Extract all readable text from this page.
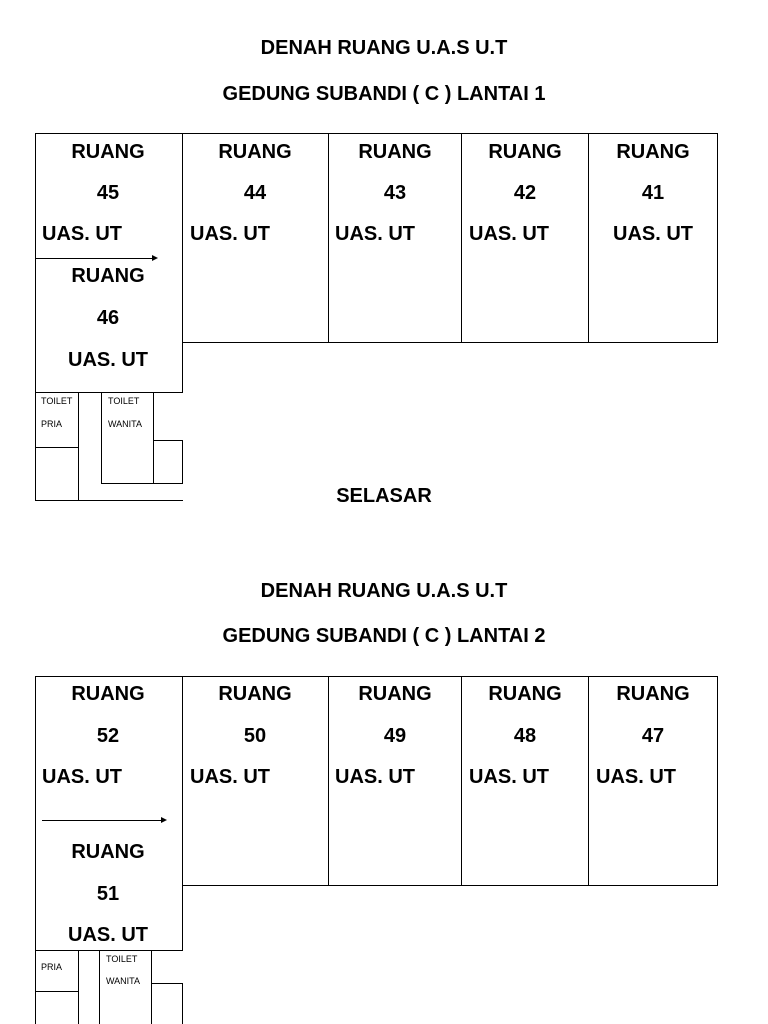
DENAH RUANG U.A.S U.T
GEDUNG SUBANDI ( C ) LANTAI 1
RUANG
45
UAS. UT
RUANG
46
UAS. UT
RUANG
44
UAS. UT
RUANG
43
UAS. UT
RUANG
42
UAS. UT
RUANG
41
UAS. UT
TOILET
PRIA
TOILET
WANITA
SELASAR
DENAH RUANG U.A.S U.T
GEDUNG SUBANDI ( C ) LANTAI 2
RUANG
52
UAS. UT
RUANG
51
UAS. UT
RUANG
50
UAS. UT
RUANG
49
UAS. UT
RUANG
48
UAS. UT
RUANG
47
UAS. UT
PRIA
TOILET
WANITA
